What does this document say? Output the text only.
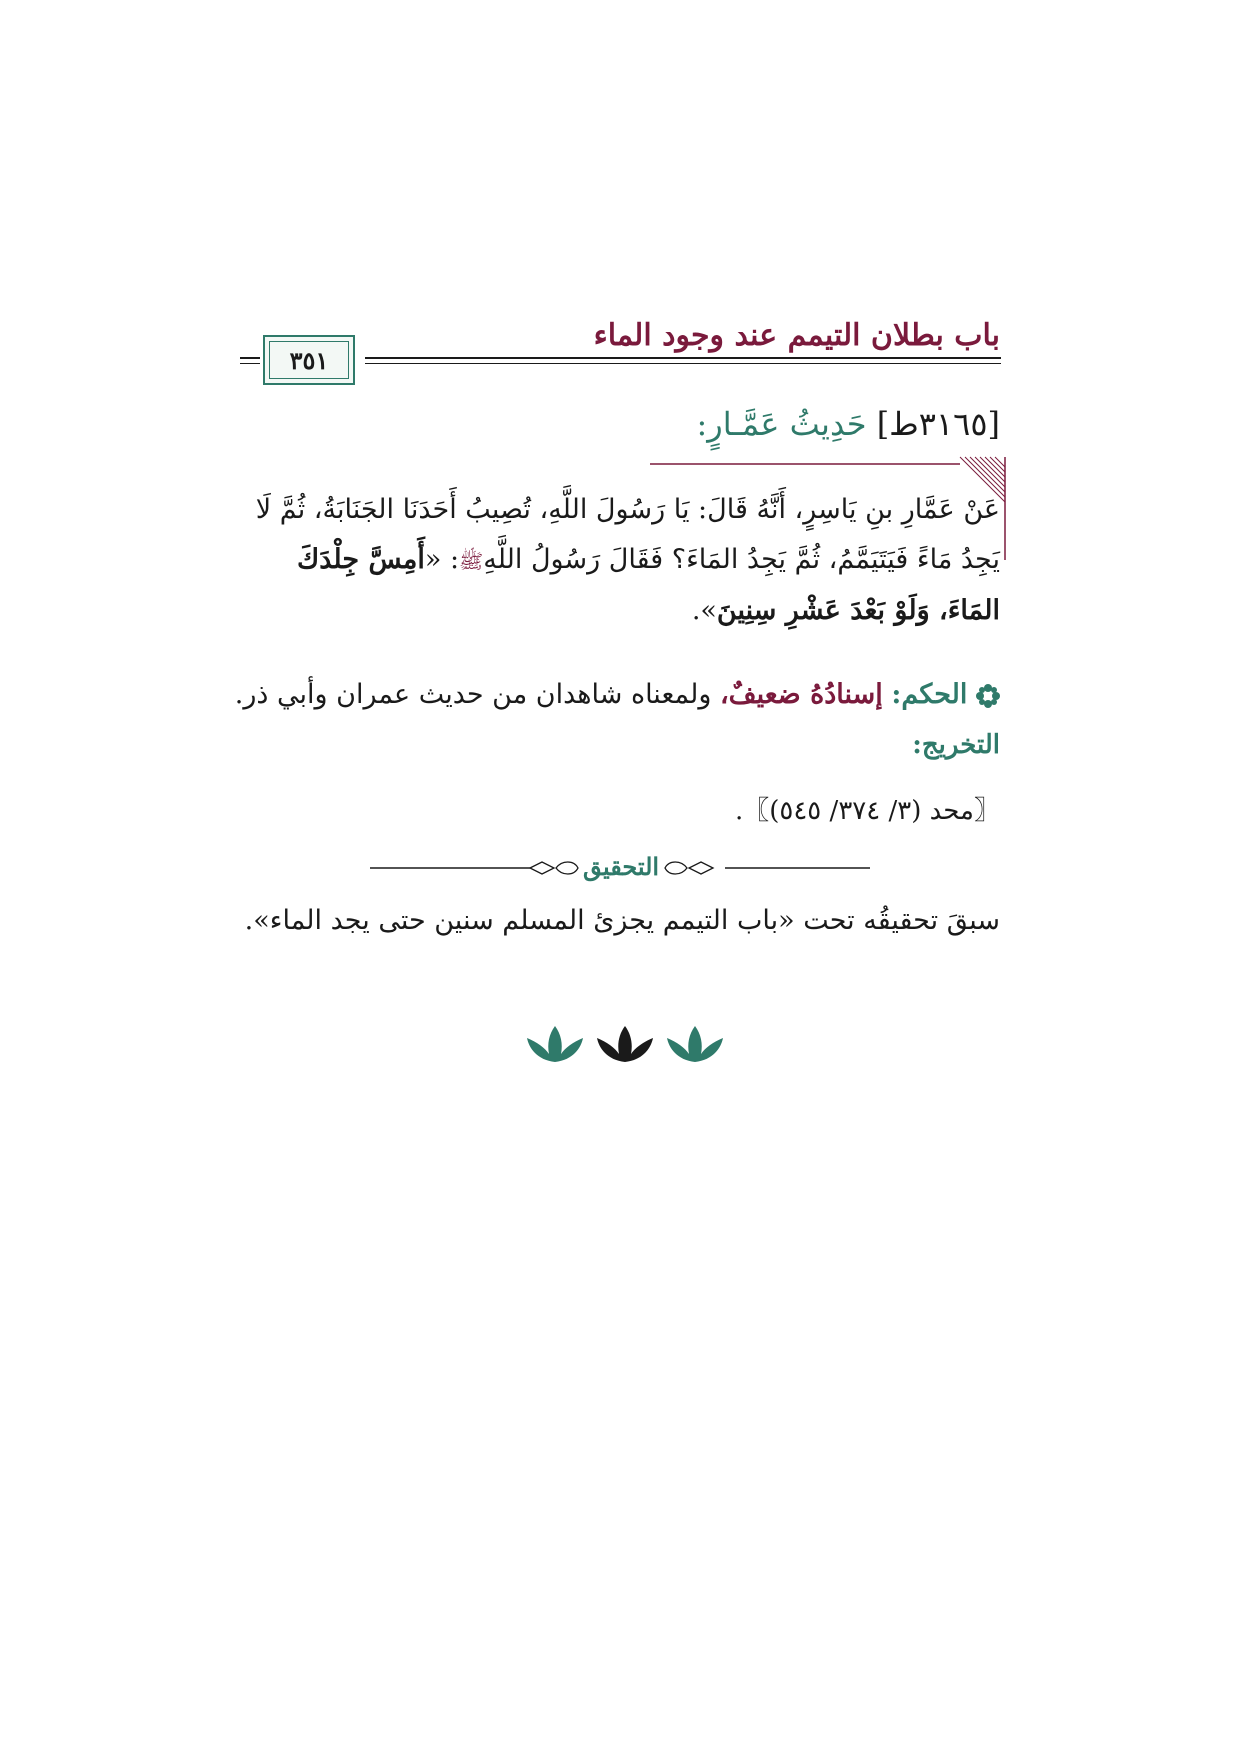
باب بطلان التيمم عند وجود الماء
٣٥١
[٣١٦٥ط] حَدِيثُ عَمَّـارٍ:
عَنْ عَمَّارِ بنِ يَاسِرٍ، أَنَّهُ قَالَ: يَا رَسُولَ اللَّهِ، تُصِيبُ أَحَدَنَا الجَنَابَةُ، ثُمَّ لَا يَجِدُ مَاءً فَيَتَيَمَّمُ، ثُمَّ يَجِدُ المَاءَ؟ فَقَالَ رَسُولُ اللَّهِﷺ: «أَمِسَّ جِلْدَكَ المَاءَ، وَلَوْ بَعْدَ عَشْرِ سِنِينَ».
الحكم: إسنادُهُ ضعيفٌ، ولمعناه شاهدان من حديث عمران وأبي ذر.
التخريج:
〖محد (٣/ ٣٧٤/ ٥٤٥)〗.
التحقيق
سبقَ تحقيقُه تحت «باب التيمم يجزئ المسلم سنين حتى يجد الماء».
